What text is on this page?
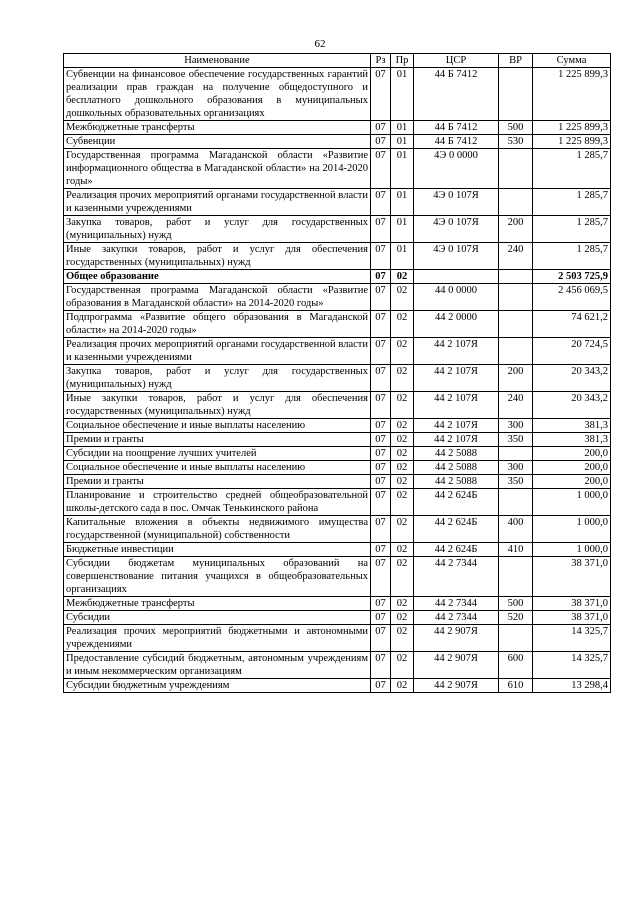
62
Наименование	Рз	Пр	ЦСР	ВР	Сумма
Субвенции на финансовое обеспечение государственных гарантий реализации прав граждан на получение общедоступного и бесплатного дошкольного образования в муниципальных дошкольных образовательных организациях	07	01	44 Б 7412		1 225 899,3
Межбюджетные трансферты	07	01	44 Б 7412	500	1 225 899,3
Субвенции	07	01	44 Б 7412	530	1 225 899,3
Государственная программа Магаданской области «Развитие информационного общества в Магаданской области» на 2014-2020 годы»	07	01	4Э 0 0000		1 285,7
Реализация прочих мероприятий органами государственной власти и казенными учреждениями	07	01	4Э 0 107Я		1 285,7
Закупка товаров, работ и услуг для государственных (муниципальных) нужд	07	01	4Э 0 107Я	200	1 285,7
Иные закупки товаров, работ и услуг для обеспечения государственных (муниципальных) нужд	07	01	4Э 0 107Я	240	1 285,7
Общее образование	07	02			2 503 725,9
Государственная программа Магаданской области «Развитие образования в Магаданской области» на 2014-2020 годы»	07	02	44 0 0000		2 456 069,5
Подпрограмма «Развитие общего образования в Магаданской области» на 2014-2020 годы»	07	02	44 2 0000		74 621,2
Реализация прочих мероприятий органами государственной власти и казенными учреждениями	07	02	44 2 107Я		20 724,5
Закупка товаров, работ и услуг для государственных (муниципальных) нужд	07	02	44 2 107Я	200	20 343,2
Иные закупки товаров, работ и услуг для обеспечения государственных (муниципальных) нужд	07	02	44 2 107Я	240	20 343,2
Социальное обеспечение и иные выплаты населению	07	02	44 2 107Я	300	381,3
Премии и гранты	07	02	44 2 107Я	350	381,3
Субсидии на поощрение лучших учителей	07	02	44 2 5088		200,0
Социальное обеспечение и иные выплаты населению	07	02	44 2 5088	300	200,0
Премии и гранты	07	02	44 2 5088	350	200,0
Планирование и строительство средней общеобразовательной школы-детского сада в пос. Омчак Тенькинского района	07	02	44 2 624Б		1 000,0
Капитальные вложения в объекты недвижимого имущества государственной (муниципальной) собственности	07	02	44 2 624Б	400	1 000,0
Бюджетные инвестиции	07	02	44 2 624Б	410	1 000,0
Субсидии бюджетам муниципальных образований на совершенствование питания учащихся в общеобразовательных организациях	07	02	44 2 7344		38 371,0
Межбюджетные трансферты	07	02	44 2 7344	500	38 371,0
Субсидии	07	02	44 2 7344	520	38 371,0
Реализация прочих мероприятий бюджетными и автономными учреждениями	07	02	44 2 907Я		14 325,7
Предоставление субсидий бюджетным, автономным учреждениям и иным некоммерческим организациям	07	02	44 2 907Я	600	14 325,7
Субсидии бюджетным учреждениям	07	02	44 2 907Я	610	13 298,4
